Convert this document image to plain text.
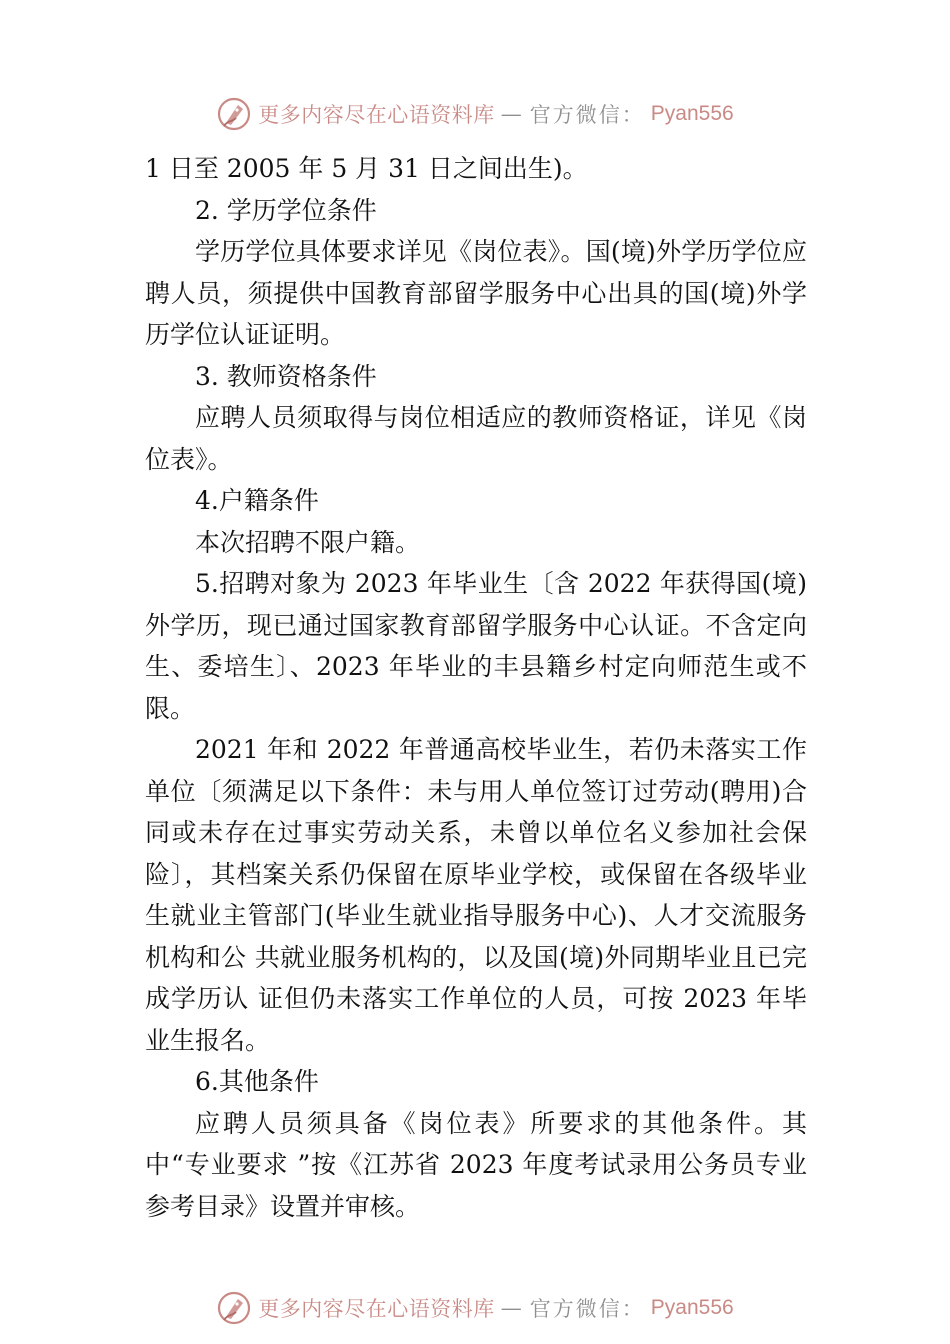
更多内容尽在心语资料库 — 官方微信： Pyan556

1 日至 2005 年 5 月 31 日之间出生)。

2. 学历学位条件

学历学位具体要求详见《岗位表》。国(境)外学历学位应聘人员，须提供中国教育部留学服务中心出具的国(境)外学历学位认证证明。

3. 教师资格条件

应聘人员须取得与岗位相适应的教师资格证，详见《岗位表》。

4.户籍条件

本次招聘不限户籍。

5.招聘对象为 2023 年毕业生〔含 2022 年获得国(境)外学历，现已通过国家教育部留学服务中心认证。不含定向生、委培生〕、2023 年毕业的丰县籍乡村定向师范生或不限。

2021 年和 2022 年普通高校毕业生，若仍未落实工作单位〔须满足以下条件：未与用人单位签订过劳动(聘用)合同或未存在过事实劳动关系，未曾以单位名义参加社会保险〕，其档案关系仍保留在原毕业学校，或保留在各级毕业生就业主管部门(毕业生就业指导服务中心)、人才交流服务机构和公 共就业服务机构的，以及国(境)外同期毕业且已完成学历认 证但仍未落实工作单位的人员，可按 2023 年毕业生报名。

6.其他条件

应聘人员须具备《岗位表》所要求的其他条件。其中“专业要求 ”按《江苏省 2023 年度考试录用公务员专业参考目录》设置并审核。

更多内容尽在心语资料库 — 官方微信： Pyan556
